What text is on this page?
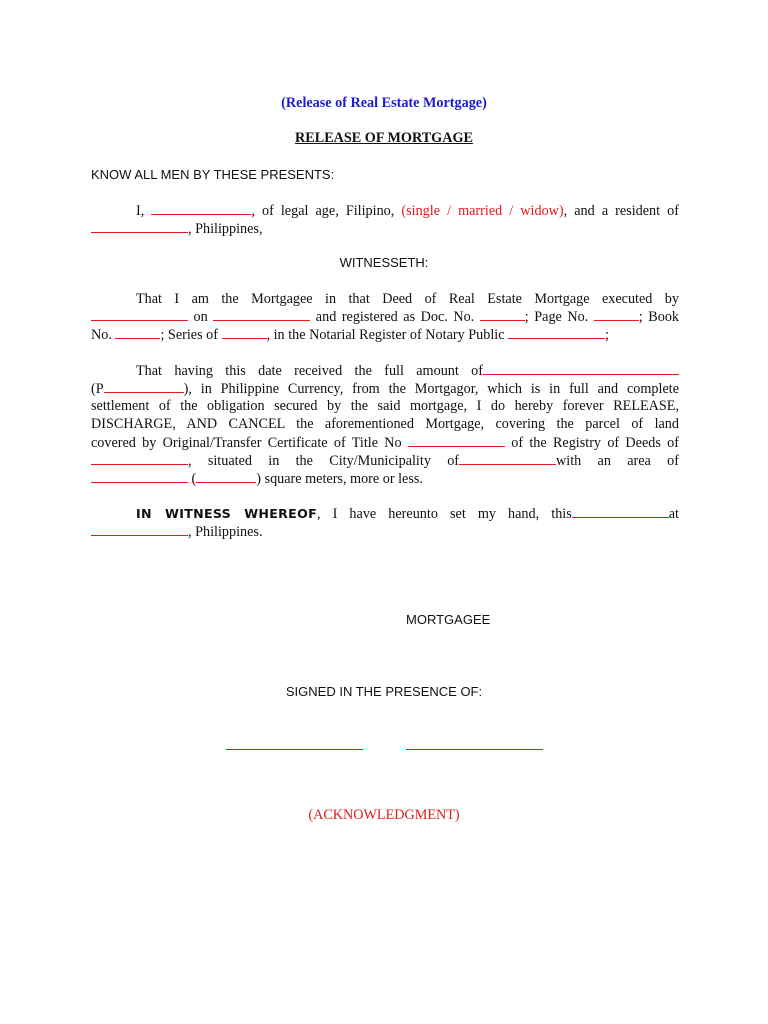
(Release of Real Estate Mortgage)
RELEASE OF MORTGAGE
KNOW ALL MEN BY THESE PRESENTS:
I,	, of legal age, Filipino, (single / married / widow), and a resident of
, Philippines,
WITNESSETH:
That I am the Mortgagee in that Deed of Real Estate Mortgage executed by
on	and registered as Doc. No.	; Page No.	; Book
No.	; Series of	, in the Notarial Register of Notary Public	;
That having this date received the full amount of
(P	), in Philippine Currency, from the Mortgagor, which is in full and complete
settlement of the obligation secured by the said mortgage, I do hereby forever RELEASE,
DISCHARGE, AND CANCEL the aforementioned Mortgage, covering the parcel of land
covered by Original/Transfer Certificate of Title No	of the Registry of Deeds of
, situated in the City/Municipality of	with an area of
(	) square meters, more or less.
IN WITNESS WHEREOF, I have hereunto set my hand, this	at
, Philippines.
MORTGAGEE
SIGNED IN THE PRESENCE OF:
(ACKNOWLEDGMENT)
